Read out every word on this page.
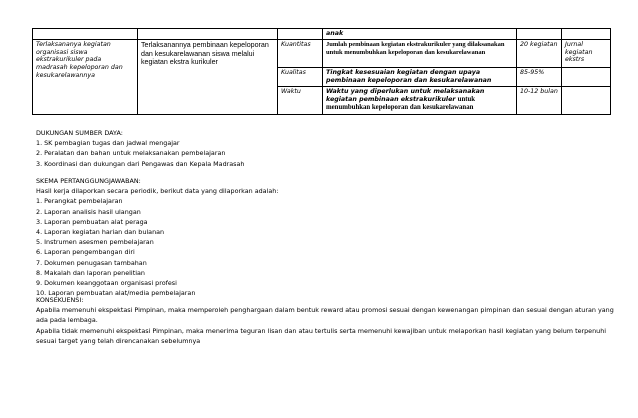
			anak		
Terlaksananya kegiatan organisasi siswa ekstrakurikuler pada madrasah kepeloporan dan kesukarelawannya	Terlaksanannya pembinaan kepeloporan dan kesukarelawanan siswa melalui kegiatan ekstra kurikuler	Kuantitas	Jumlah pembinaan kegiatan ekstrakurikuler yang dilaksanakan untuk menumbuhkan kepeloporan dan kesukarelawanan	20 kegiatan	Jurnal kegiatan ekstrs
		Kualitas	Tingkat kesesuaian kegiatan dengan upaya pembinaan kepeloporan dan kesukarelawanan	85-95%	
		Waktu	Waktu yang diperlukan untuk melaksanakan kegiatan pembinaan ekstrakurikuler untuk menumbuhkan kepeloporan dan kesukarelawanan	10-12 bulan	
DUKUNGAN SUMBER DAYA:
1. SK pembagian tugas dan jadwal mengajar
2. Peralatan dan bahan untuk melaksanakan pembelajaran
3. Koordinasi dan dukungan dari Pengawas dan Kepala Madrasah
SKEMA PERTANGGUNGJAWABAN:
Hasil kerja dilaporkan secara periodik, berikut data yang dilaporkan adalah:
1. Perangkat pembelajaran
2. Laporan analisis hasil ulangan
3. Laporan pembuatan alat peraga
4. Laporan kegiatan harian dan bulanan
5. Instrumen asesmen pembelajaran
6. Laporan pengembangan diri
7. Dokumen penugasan tambahan
8. Makalah dan laporan penelitian
9. Dokumen keanggotaan organisasi profesi
10. Laporan pembuatan alat/media pembelajaran
KONSEKUENSI:
Apabila memenuhi ekspektasi Pimpinan, maka memperoleh penghargaan dalam bentuk reward atau promosi sesuai dengan kewenangan pimpinan dan sesuai dengan aturan yang ada pada lembaga.
Apabila tidak memenuhi ekspektasi Pimpinan, maka menerima teguran lisan dan atau tertulis serta memenuhi kewajiban untuk melaporkan hasil kegiatan yang belum terpenuhi sesuai target yang telah direncanakan sebelumnya
